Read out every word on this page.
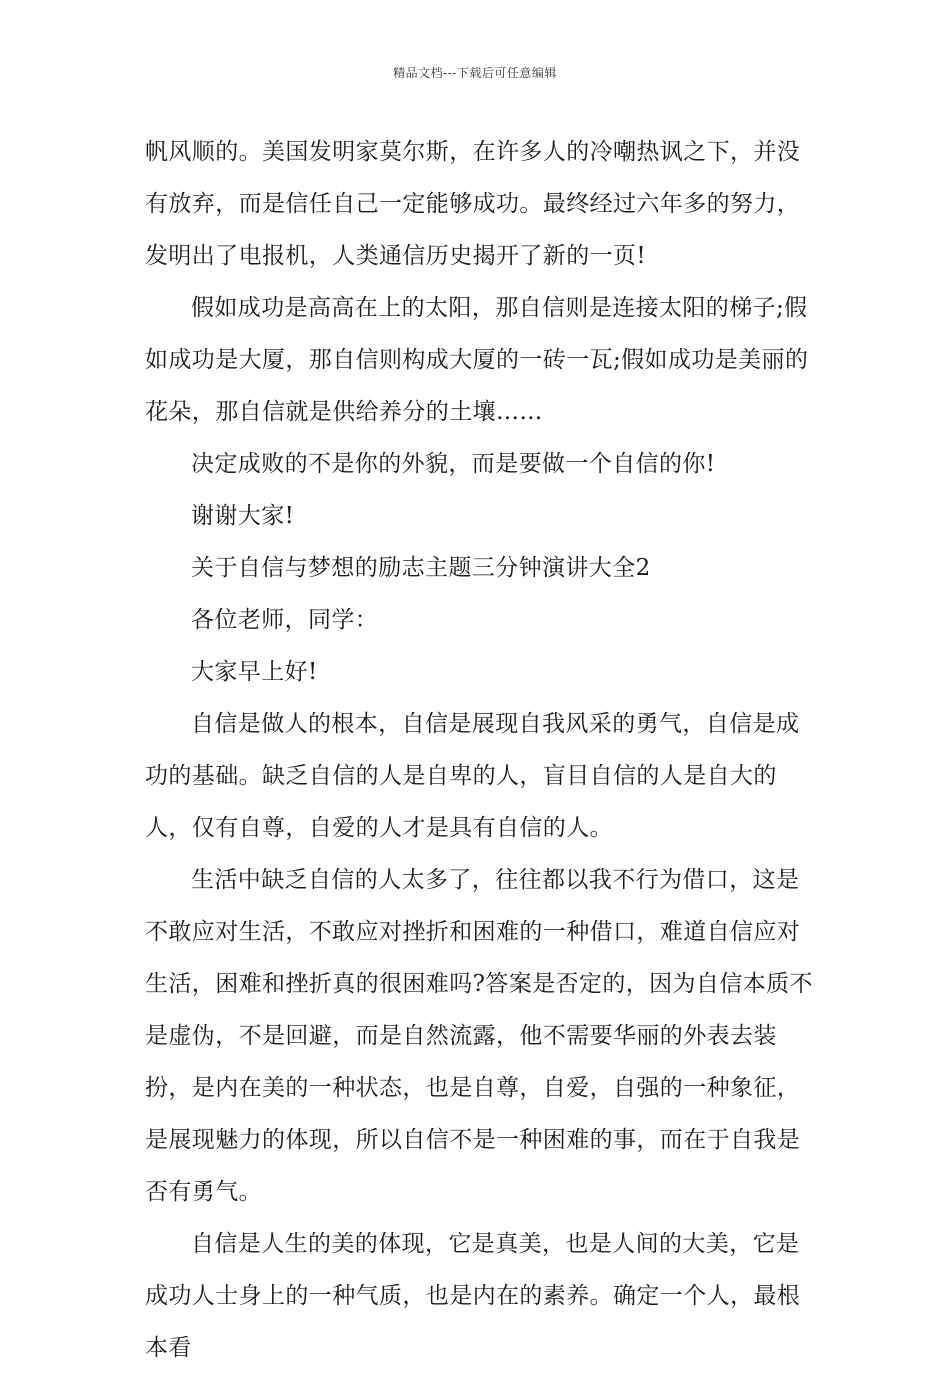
精品文档---下载后可任意编辑

帆风顺的。美国发明家莫尔斯，在许多人的冷嘲热讽之下，并没有放弃，而是信任自己一定能够成功。最终经过六年多的努力，发明出了电报机，人类通信历史揭开了新的一页!

假如成功是高高在上的太阳，那自信则是连接太阳的梯子;假如成功是大厦，那自信则构成大厦的一砖一瓦;假如成功是美丽的花朵，那自信就是供给养分的土壤……

决定成败的不是你的外貌，而是要做一个自信的你!

谢谢大家!

关于自信与梦想的励志主题三分钟演讲大全2

各位老师，同学：

大家早上好!

自信是做人的根本，自信是展现自我风采的勇气，自信是成功的基础。缺乏自信的人是自卑的人，盲目自信的人是自大的人，仅有自尊，自爱的人才是具有自信的人。

生活中缺乏自信的人太多了，往往都以我不行为借口，这是不敢应对生活，不敢应对挫折和困难的一种借口，难道自信应对生活，困难和挫折真的很困难吗?答案是否定的，因为自信本质不是虚伪，不是回避，而是自然流露，他不需要华丽的外表去装扮，是内在美的一种状态，也是自尊，自爱，自强的一种象征，是展现魅力的体现，所以自信不是一种困难的事，而在于自我是否有勇气。

自信是人生的美的体现，它是真美，也是人间的大美，它是成功人士身上的一种气质，也是内在的素养。确定一个人，最根本看
